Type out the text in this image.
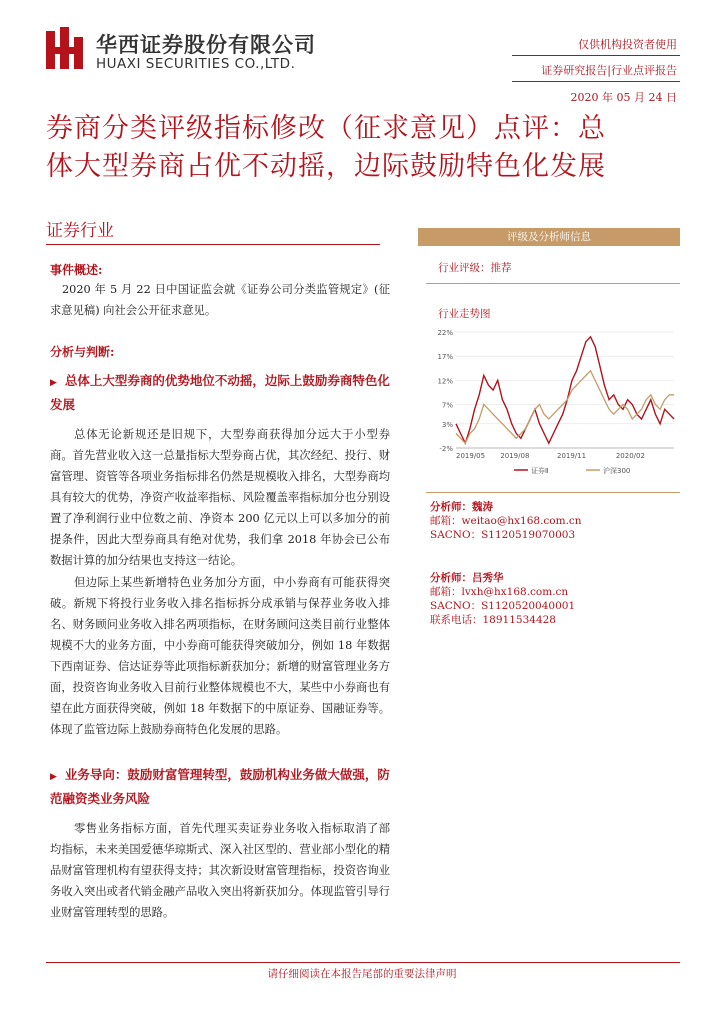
华西证券股份有限公司
HUAXI SECURITIES CO.,LTD.
仅供机构投资者使用
证券研究报告|行业点评报告
2020 年 05 月 24 日
券商分类评级指标修改（征求意见）点评：总
体大型券商占优不动摇，边际鼓励特色化发展
证券行业
事件概述:
2020 年 5 月 22 日中国证监会就《证券公司分类监管规定》(征求意见稿) 向社会公开征求意见。
分析与判断:
▶ 总体上大型券商的优势地位不动摇，边际上鼓励券商特色化发展
总体无论新规还是旧规下，大型券商获得加分远大于小型券商。首先营业收入这一总量指标大型券商占优，其次经纪、投行、财富管理、资管等各项业务指标排名仍然是规模收入排名，大型券商均具有较大的优势，净资产收益率指标、风险覆盖率指标加分也分别设置了净利润行业中位数之前、净资本 200 亿元以上可以多加分的前提条件，因此大型券商具有绝对优势，我们拿 2018 年协会已公布数据计算的加分结果也支持这一结论。
但边际上某些新增特色业务加分方面，中小券商有可能获得突破。新规下将投行业务收入排名指标拆分成承销与保荐业务收入排名、财务顾问业务收入排名两项指标，在财务顾问这类目前行业整体规模不大的业务方面，中小券商可能获得突破加分，例如 18 年数据下西南证券、信达证券等此项指标新获加分；新增的财富管理业务方面，投资咨询业务收入目前行业整体规模也不大，某些中小券商也有望在此方面获得突破，例如 18 年数据下的中原证券、国融证券等。体现了监管边际上鼓励券商特色化发展的思路。
▶ 业务导向：鼓励财富管理转型，鼓励机构业务做大做强，防范融资类业务风险
零售业务指标方面，首先代理买卖证券业务收入指标取消了部均指标，未来美国爱德华琼斯式、深入社区型的、营业部小型化的精品财富管理机构有望获得支持；其次新设财富管理指标，投资咨询业务收入突出或者代销金融产品收入突出将新获加分。体现监管引导行业财富管理转型的思路。
评级及分析师信息
行业评级：推荐
行业走势图
22%
17%
12%
7%
3%
-2%
2019/05 2019/08	2019/11	2020/02
证券Ⅱ	沪深300
分析师：魏涛
邮箱：weitao@hx168.com.cn
SACNO：S1120519070003
分析师：吕秀华
邮箱：lvxh@hx168.com.cn
SACNO：S1120520040001
联系电话：18911534428
请仔细阅读在本报告尾部的重要法律声明
